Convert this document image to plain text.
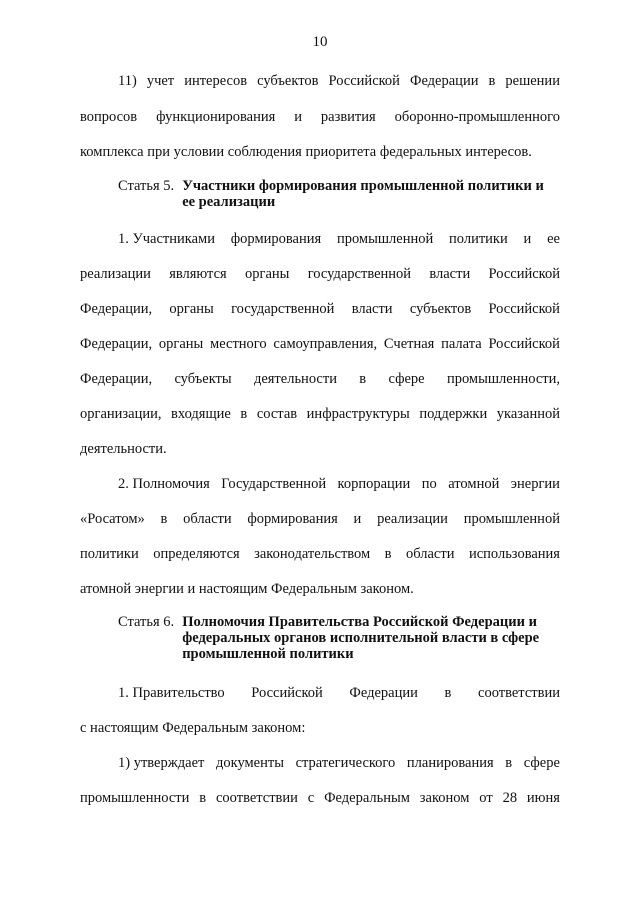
10
11) учет интересов субъектов Российской Федерации в решении
вопросов функционирования и развития оборонно-промышленного
комплекса при условии соблюдения приоритета федеральных интересов.
Статья 5. Участники формирования промышленной политики и
ее реализации
1. Участниками формирования промышленной политики и ее
реализации являются органы государственной власти Российской
Федерации, органы государственной власти субъектов Российской
Федерации, органы местного самоуправления, Счетная палата Российской
Федерации, субъекты деятельности в сфере промышленности,
организации, входящие в состав инфраструктуры поддержки указанной
деятельности.
2. Полномочия Государственной корпорации по атомной энергии
«Росатом» в области формирования и реализации промышленной
политики определяются законодательством в области использования
атомной энергии и настоящим Федеральным законом.
Статья 6. Полномочия Правительства Российской Федерации и
федеральных органов исполнительной власти в сфере
промышленной политики
1. Правительство Российской Федерации в соответствии
с настоящим Федеральным законом:
1) утверждает документы стратегического планирования в сфере
промышленности в соответствии с Федеральным законом от 28 июня
